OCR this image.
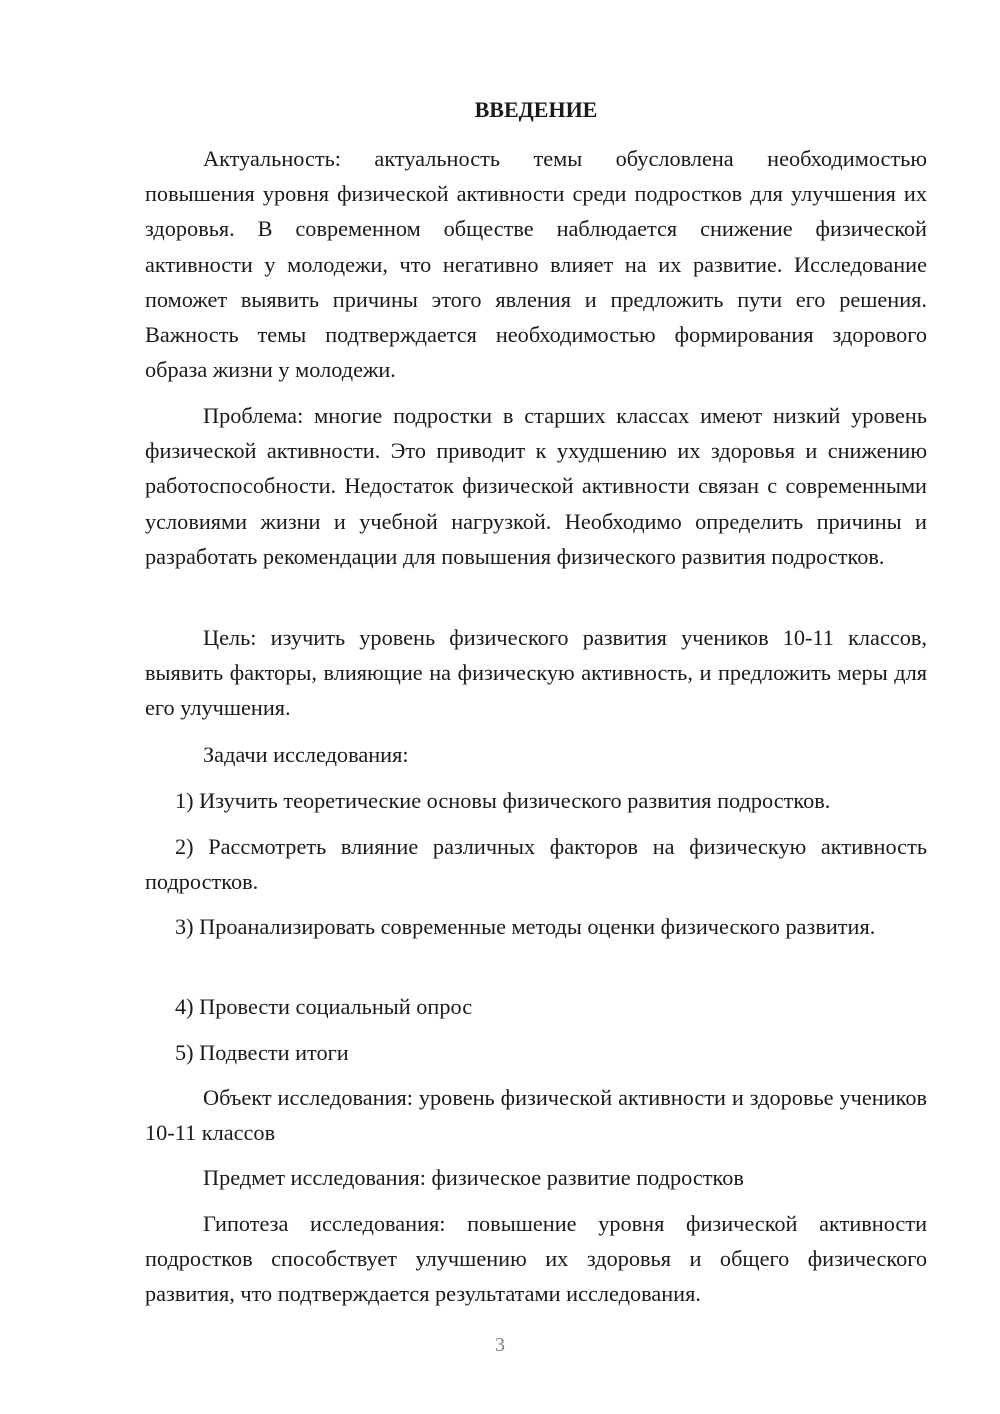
ВВЕДЕНИЕ

Актуальность: актуальность темы обусловлена необходимостью повышения уровня физической активности среди подростков для улучшения их здоровья. В современном обществе наблюдается снижение физической активности у молодежи, что негативно влияет на их развитие. Исследование поможет выявить причины этого явления и предложить пути его решения. Важность темы подтверждается необходимостью формирования здорового образа жизни у молодежи.

Проблема: многие подростки в старших классах имеют низкий уровень физической активности. Это приводит к ухудшению их здоровья и снижению работоспособности. Недостаток физической активности связан с современными условиями жизни и учебной нагрузкой. Необходимо определить причины и разработать рекомендации для повышения физического развития подростков.

Цель: изучить уровень физического развития учеников 10-11 классов, выявить факторы, влияющие на физическую активность, и предложить меры для его улучшения.

Задачи исследования:

1) Изучить теоретические основы физического развития подростков.

2) Рассмотреть влияние различных факторов на физическую активность подростков.

3) Проанализировать современные методы оценки физического развития.

4) Провести социальный опрос

5) Подвести итоги

Объект исследования: уровень физической активности и здоровье учеников 10-11 классов

Предмет исследования: физическое развитие подростков

Гипотеза исследования: повышение уровня физической активности подростков способствует улучшению их здоровья и общего физического развития, что подтверждается результатами исследования.

3
